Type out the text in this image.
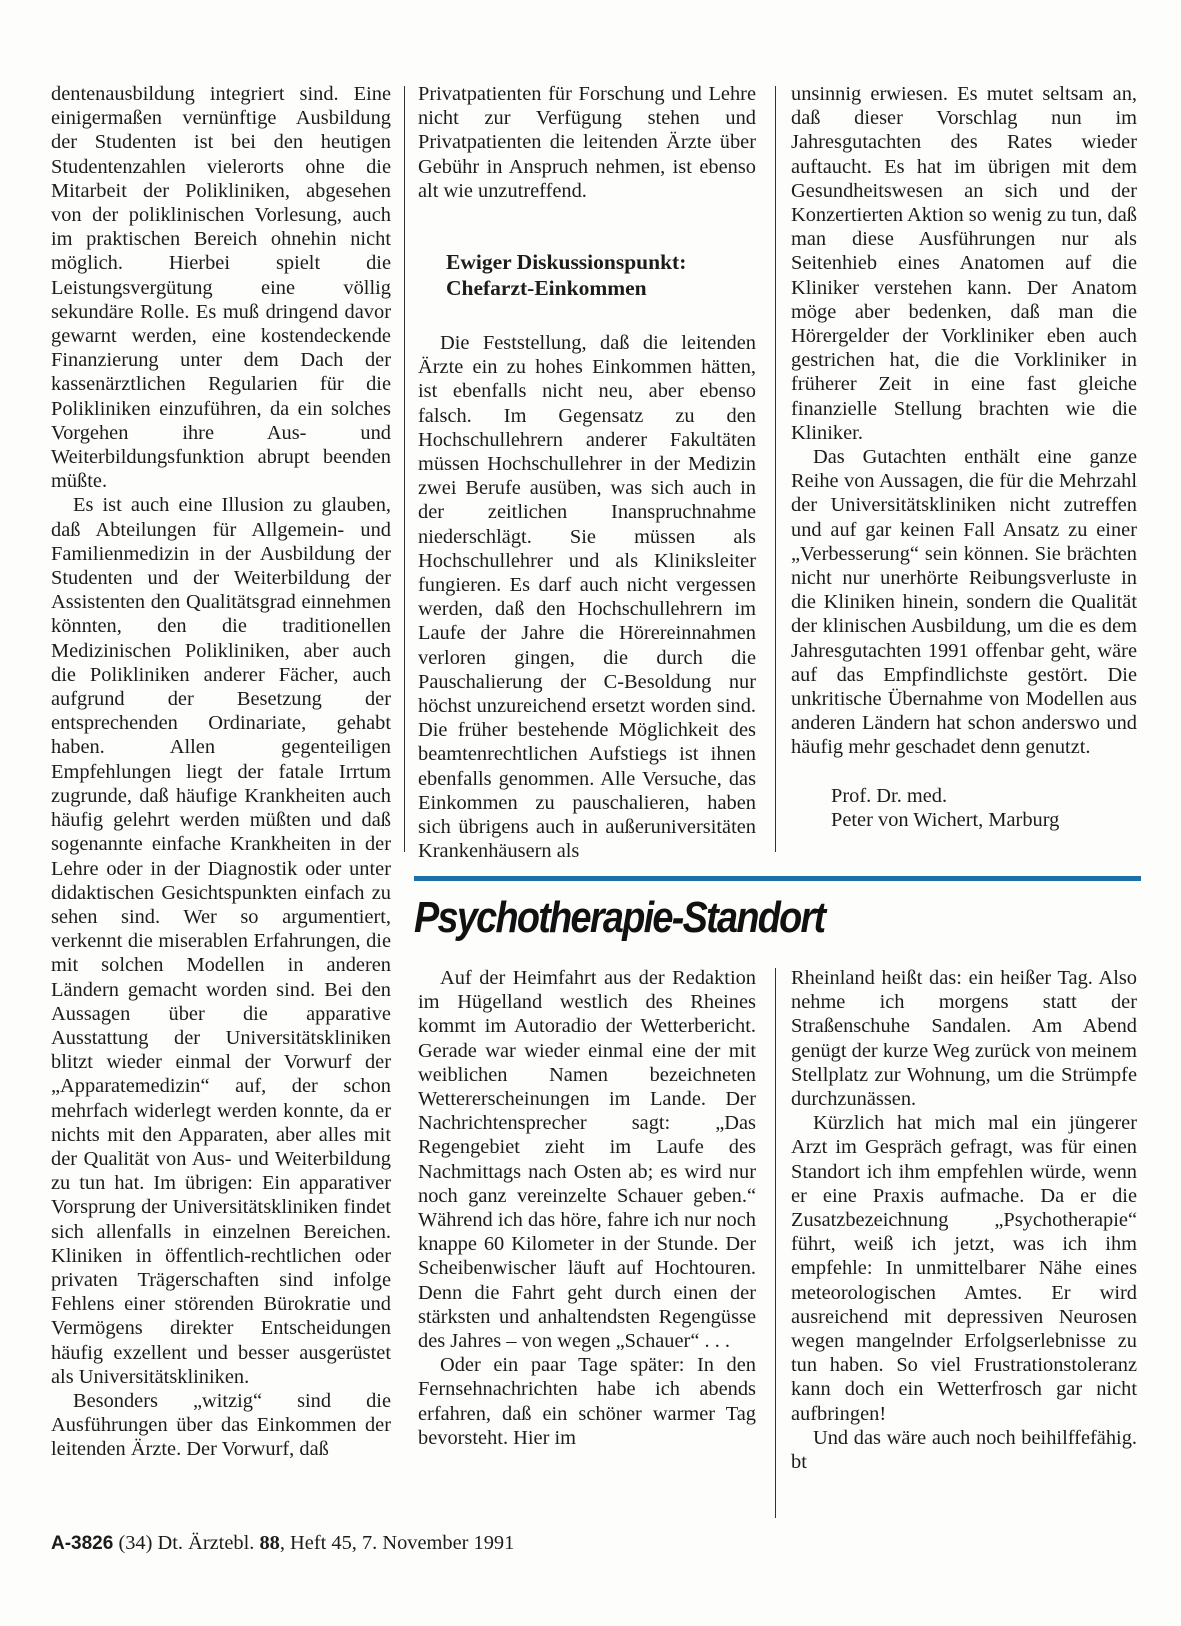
dentenausbildung integriert sind. Eine einigermaßen vernünftige Ausbildung der Studenten ist bei den heutigen Studentenzahlen vielerorts ohne die Mitarbeit der Polikliniken, abgesehen von der poliklinischen Vorlesung, auch im praktischen Bereich ohnehin nicht möglich. Hierbei spielt die Leistungsvergütung eine völlig sekundäre Rolle. Es muß dringend davor gewarnt werden, eine kostendeckende Finanzierung unter dem Dach der kassenärztlichen Regularien für die Polikliniken einzuführen, da ein solches Vorgehen ihre Aus- und Weiterbildungsfunktion abrupt beenden müßte.

Es ist auch eine Illusion zu glauben, daß Abteilungen für Allgemein- und Familienmedizin in der Ausbildung der Studenten und der Weiterbildung der Assistenten den Qualitätsgrad einnehmen könnten, den die traditionellen Medizinischen Polikliniken, aber auch die Polikliniken anderer Fächer, auch aufgrund der Besetzung der entsprechenden Ordinariate, gehabt haben. Allen gegenteiligen Empfehlungen liegt der fatale Irrtum zugrunde, daß häufige Krankheiten auch häufig gelehrt werden müßten und daß sogenannte einfache Krankheiten in der Lehre oder in der Diagnostik oder unter didaktischen Gesichtspunkten einfach zu sehen sind. Wer so argumentiert, verkennt die miserablen Erfahrungen, die mit solchen Modellen in anderen Ländern gemacht worden sind. Bei den Aussagen über die apparative Ausstattung der Universitätskliniken blitzt wieder einmal der Vorwurf der „Apparatemedizin“ auf, der schon mehrfach widerlegt werden konnte, da er nichts mit den Apparaten, aber alles mit der Qualität von Aus- und Weiterbildung zu tun hat. Im übrigen: Ein apparativer Vorsprung der Universitätskliniken findet sich allenfalls in einzelnen Bereichen. Kliniken in öffentlich-rechtlichen oder privaten Trägerschaften sind infolge Fehlens einer störenden Bürokratie und Vermögens direkter Entscheidungen häufig exzellent und besser ausgerüstet als Universitätskliniken.

Besonders „witzig“ sind die Ausführungen über das Einkommen der leitenden Ärzte. Der Vorwurf, daß

Privatpatienten für Forschung und Lehre nicht zur Verfügung stehen und Privatpatienten die leitenden Ärzte über Gebühr in Anspruch nehmen, ist ebenso alt wie unzutreffend.

Ewiger Diskussionspunkt:
Chefarzt-Einkommen

Die Feststellung, daß die leitenden Ärzte ein zu hohes Einkommen hätten, ist ebenfalls nicht neu, aber ebenso falsch. Im Gegensatz zu den Hochschullehrern anderer Fakultäten müssen Hochschullehrer in der Medizin zwei Berufe ausüben, was sich auch in der zeitlichen Inanspruchnahme niederschlägt. Sie müssen als Hochschullehrer und als Kliniksleiter fungieren. Es darf auch nicht vergessen werden, daß den Hochschullehrern im Laufe der Jahre die Hörereinnahmen verloren gingen, die durch die Pauschalierung der C-Besoldung nur höchst unzureichend ersetzt worden sind. Die früher bestehende Möglichkeit des beamtenrechtlichen Aufstiegs ist ihnen ebenfalls genommen. Alle Versuche, das Einkommen zu pauschalieren, haben sich übrigens auch in außeruniversitäten Krankenhäusern als

unsinnig erwiesen. Es mutet seltsam an, daß dieser Vorschlag nun im Jahresgutachten des Rates wieder auftaucht. Es hat im übrigen mit dem Gesundheitswesen an sich und der Konzertierten Aktion so wenig zu tun, daß man diese Ausführungen nur als Seitenhieb eines Anatomen auf die Kliniker verstehen kann. Der Anatom möge aber bedenken, daß man die Hörergelder der Vorkliniker eben auch gestrichen hat, die die Vorkliniker in früherer Zeit in eine fast gleiche finanzielle Stellung brachten wie die Kliniker.

Das Gutachten enthält eine ganze Reihe von Aussagen, die für die Mehrzahl der Universitätskliniken nicht zutreffen und auf gar keinen Fall Ansatz zu einer „Verbesserung“ sein können. Sie brächten nicht nur unerhörte Reibungsverluste in die Kliniken hinein, sondern die Qualität der klinischen Ausbildung, um die es dem Jahresgutachten 1991 offenbar geht, wäre auf das Empfindlichste gestört. Die unkritische Übernahme von Modellen aus anderen Ländern hat schon anderswo und häufig mehr geschadet denn genutzt.

Prof. Dr. med.
Peter von Wichert, Marburg
Psychotherapie-Standort

Auf der Heimfahrt aus der Redaktion im Hügelland westlich des Rheines kommt im Autoradio der Wetterbericht. Gerade war wieder einmal eine der mit weiblichen Namen bezeichneten Wettererscheinungen im Lande. Der Nachrichtensprecher sagt: „Das Regengebiet zieht im Laufe des Nachmittags nach Osten ab; es wird nur noch ganz vereinzelte Schauer geben.“ Während ich das höre, fahre ich nur noch knappe 60 Kilometer in der Stunde. Der Scheibenwischer läuft auf Hochtouren. Denn die Fahrt geht durch einen der stärksten und anhaltendsten Regengüsse des Jahres – von wegen „Schauer“ . . .

Oder ein paar Tage später: In den Fernsehnachrichten habe ich abends erfahren, daß ein schöner warmer Tag bevorsteht. Hier im

Rheinland heißt das: ein heißer Tag. Also nehme ich morgens statt der Straßenschuhe Sandalen. Am Abend genügt der kurze Weg zurück von meinem Stellplatz zur Wohnung, um die Strümpfe durchzunässen.

Kürzlich hat mich mal ein jüngerer Arzt im Gespräch gefragt, was für einen Standort ich ihm empfehlen würde, wenn er eine Praxis aufmache. Da er die Zusatzbezeichnung „Psychotherapie“ führt, weiß ich jetzt, was ich ihm empfehle: In unmittelbarer Nähe eines meteorologischen Amtes. Er wird ausreichend mit depressiven Neurosen wegen mangelnder Erfolgserlebnisse zu tun haben. So viel Frustrationstoleranz kann doch ein Wetterfrosch gar nicht aufbringen!

Und das wäre auch noch beihilffefähig. bt

A-3826 (34) Dt. Ärztebl. 88, Heft 45, 7. November 1991
